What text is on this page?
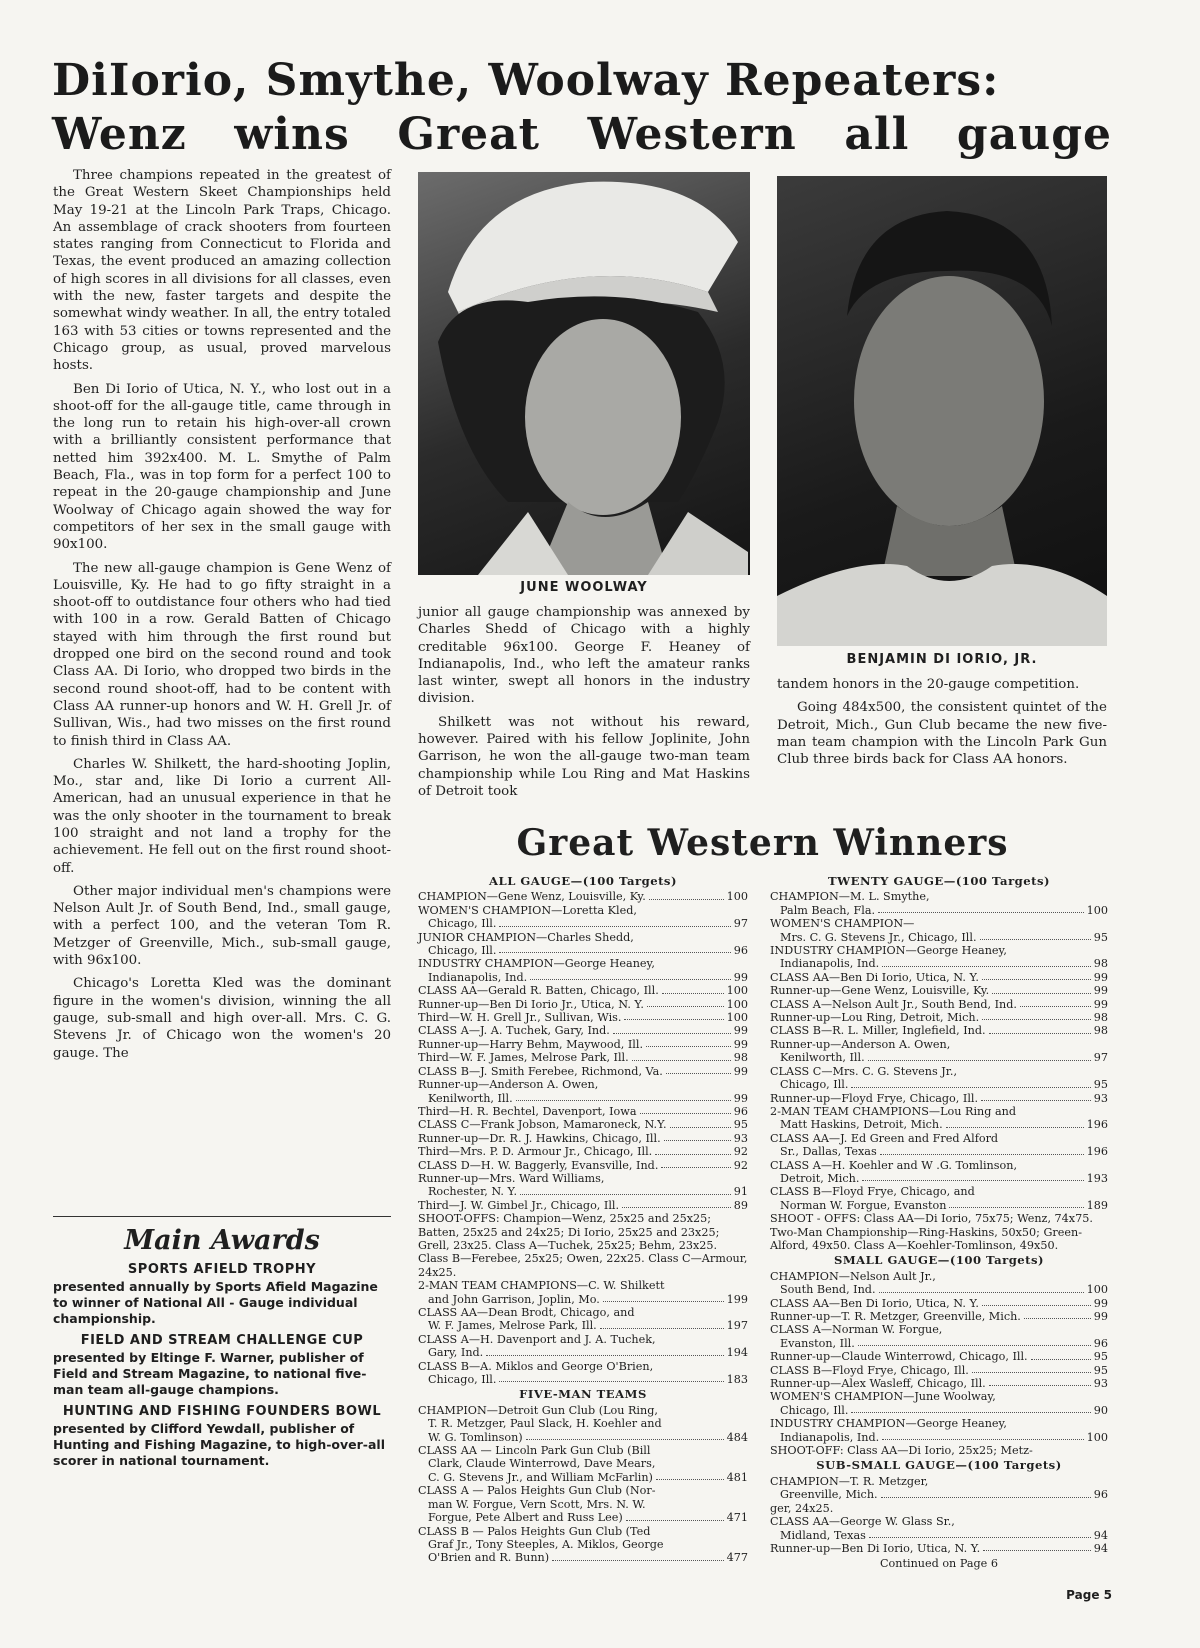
DiIorio, Smythe, Woolway Repeaters:
Wenz wins Great Western all gauge

Three champions repeated in the greatest of the Great Western Skeet Championships held May 19-21 at the Lincoln Park Traps, Chicago. An assemblage of crack shooters from fourteen states ranging from Connecticut to Florida and Texas, the event produced an amazing collection of high scores in all divisions for all classes, even with the new, faster targets and despite the somewhat windy weather. In all, the entry totaled 163 with 53 cities or towns represented and the Chicago group, as usual, proved marvelous hosts.

Ben Di Iorio of Utica, N. Y., who lost out in a shoot-off for the all-gauge title, came through in the long run to retain his high-over-all crown with a brilliantly consistent performance that netted him 392x400. M. L. Smythe of Palm Beach, Fla., was in top form for a perfect 100 to repeat in the 20-gauge championship and June Woolway of Chicago again showed the way for competitors of her sex in the small gauge with 90x100.

The new all-gauge champion is Gene Wenz of Louisville, Ky. He had to go fifty straight in a shoot-off to outdistance four others who had tied with 100 in a row. Gerald Batten of Chicago stayed with him through the first round but dropped one bird on the second round and took Class AA. Di Iorio, who dropped two birds in the second round shoot-off, had to be content with Class AA runner-up honors and W. H. Grell Jr. of Sullivan, Wis., had two misses on the first round to finish third in Class AA.

Charles W. Shilkett, the hard-shooting Joplin, Mo., star and, like Di Iorio a current All-American, had an unusual experience in that he was the only shooter in the tournament to break 100 straight and not land a trophy for the achievement. He fell out on the first round shoot-off.

Other major individual men's champions were Nelson Ault Jr. of South Bend, Ind., small gauge, with a perfect 100, and the veteran Tom R. Metzger of Greenville, Mich., sub-small gauge, with 96x100.

Chicago's Loretta Kled was the dominant figure in the women's division, winning the all gauge, sub-small and high over-all. Mrs. C. G. Stevens Jr. of Chicago won the women's 20 gauge. The

JUNE WOOLWAY
BENJAMIN DI IORIO, JR.

junior all gauge championship was annexed by Charles Shedd of Chicago with a highly creditable 96x100. George F. Heaney of Indianapolis, Ind., who left the amateur ranks last winter, swept all honors in the industry division.

Shilkett was not without his reward, however. Paired with his fellow Joplinite, John Garrison, he won the all-gauge two-man team championship while Lou Ring and Mat Haskins of Detroit took

tandem honors in the 20-gauge competition.

Going 484x500, the consistent quintet of the Detroit, Mich., Gun Club became the new five-man team champion with the Lincoln Park Gun Club three birds back for Class AA honors.

Great Western Winners
ALL GAUGE—(100 Targets)
CHAMPION—Gene Wenz, Louisville, Ky.	100
WOMEN'S CHAMPION—Loretta Kled,
Chicago, Ill.	97
JUNIOR CHAMPION—Charles Shedd,
Chicago, Ill.	96
INDUSTRY CHAMPION—George Heaney,
Indianapolis, Ind.	99
CLASS AA—Gerald R. Batten, Chicago, Ill.	100
Runner-up—Ben Di Iorio Jr., Utica, N. Y.	100
Third—W. H. Grell Jr., Sullivan, Wis.	100
CLASS A—J. A. Tuchek, Gary, Ind.	99
Runner-up—Harry Behm, Maywood, Ill.	99
Third—W. F. James, Melrose Park, Ill.	98
CLASS B—J. Smith Ferebee, Richmond, Va.	99
Runner-up—Anderson A. Owen,
Kenilworth, Ill.	99
Third—H. R. Bechtel, Davenport, Iowa	96
CLASS C—Frank Jobson, Mamaroneck, N.Y.	95
Runner-up—Dr. R. J. Hawkins, Chicago, Ill.	93
Third—Mrs. P. D. Armour Jr., Chicago, Ill.	92
CLASS D—H. W. Baggerly, Evansville, Ind.	92
Runner-up—Mrs. Ward Williams,
Rochester, N. Y.	91
Third—J. W. Gimbel Jr., Chicago, Ill.	89
SHOOT-OFFS: Champion—Wenz, 25x25 and 25x25; Batten, 25x25 and 24x25; Di Iorio, 25x25 and 23x25; Grell, 23x25. Class A—Tuchek, 25x25; Behm, 23x25. Class B—Ferebee, 25x25; Owen, 22x25. Class C—Armour, 24x25.
2-MAN TEAM CHAMPIONS—C. W. Shilkett
and John Garrison, Joplin, Mo.	199
CLASS AA—Dean Brodt, Chicago, and
W. F. James, Melrose Park, Ill.	197
CLASS A—H. Davenport and J. A. Tuchek,
Gary, Ind.	194
CLASS B—A. Miklos and George O'Brien,
Chicago, Ill.	183
FIVE-MAN TEAMS
CHAMPION—Detroit Gun Club (Lou Ring,
T. R. Metzger, Paul Slack, H. Koehler and
W. G. Tomlinson)	484
CLASS AA — Lincoln Park Gun Club (Bill
Clark, Claude Winterrowd, Dave Mears,
C. G. Stevens Jr., and William McFarlin)	481
CLASS A — Palos Heights Gun Club (Nor-
man W. Forgue, Vern Scott, Mrs. N. W.
Forgue, Pete Albert and Russ Lee)	471
CLASS B — Palos Heights Gun Club (Ted
Graf Jr., Tony Steeples, A. Miklos, George
O'Brien and R. Bunn)	477
TWENTY GAUGE—(100 Targets)
CHAMPION—M. L. Smythe,
Palm Beach, Fla.	100
WOMEN'S CHAMPION—
Mrs. C. G. Stevens Jr., Chicago, Ill.	95
INDUSTRY CHAMPION—George Heaney,
Indianapolis, Ind.	98
CLASS AA—Ben Di Iorio, Utica, N. Y.	99
Runner-up—Gene Wenz, Louisville, Ky.	99
CLASS A—Nelson Ault Jr., South Bend, Ind.	99
Runner-up—Lou Ring, Detroit, Mich.	98
CLASS B—R. L. Miller, Inglefield, Ind.	98
Runner-up—Anderson A. Owen,
Kenilworth, Ill.	97
CLASS C—Mrs. C. G. Stevens Jr.,
Chicago, Ill.	95
Runner-up—Floyd Frye, Chicago, Ill.	93
2-MAN TEAM CHAMPIONS—Lou Ring and
Matt Haskins, Detroit, Mich.	196
CLASS AA—J. Ed Green and Fred Alford
Sr., Dallas, Texas	196
CLASS A—H. Koehler and W .G. Tomlinson,
Detroit, Mich.	193
CLASS B—Floyd Frye, Chicago, and
Norman W. Forgue, Evanston	189
SHOOT - OFFS: Class AA—Di Iorio, 75x75; Wenz, 74x75. Two-Man Championship—Ring-Haskins, 50x50; Green-Alford, 49x50. Class A—Koehler-Tomlinson, 49x50.
SMALL GAUGE—(100 Targets)
CHAMPION—Nelson Ault Jr.,
South Bend, Ind.	100
CLASS AA—Ben Di Iorio, Utica, N. Y.	99
Runner-up—T. R. Metzger, Greenville, Mich.	99
CLASS A—Norman W. Forgue,
Evanston, Ill.	96
Runner-up—Claude Winterrowd, Chicago, Ill.	95
CLASS B—Floyd Frye, Chicago, Ill.	95
Runner-up—Alex Wasleff, Chicago, Ill.	93
WOMEN'S CHAMPION—June Woolway,
Chicago, Ill.	90
INDUSTRY CHAMPION—George Heaney,
Indianapolis, Ind.	100
SHOOT-OFF: Class AA—Di Iorio, 25x25; Metz-
SUB-SMALL GAUGE—(100 Targets)
CHAMPION—T. R. Metzger,
Greenville, Mich.	96
ger, 24x25.
CLASS AA—George W. Glass Sr.,
Midland, Texas	94
Runner-up—Ben Di Iorio, Utica, N. Y.	94
Continued on Page 6
Main Awards
SPORTS AFIELD TROPHY
presented annually by Sports Afield Magazine to winner of National All - Gauge individual championship.
FIELD AND STREAM CHALLENGE CUP
presented by Eltinge F. Warner, publisher of Field and Stream Magazine, to national five-man team all-gauge champions.
HUNTING AND FISHING FOUNDERS BOWL
presented by Clifford Yewdall, publisher of Hunting and Fishing Magazine, to high-over-all scorer in national tournament.
Page 5
